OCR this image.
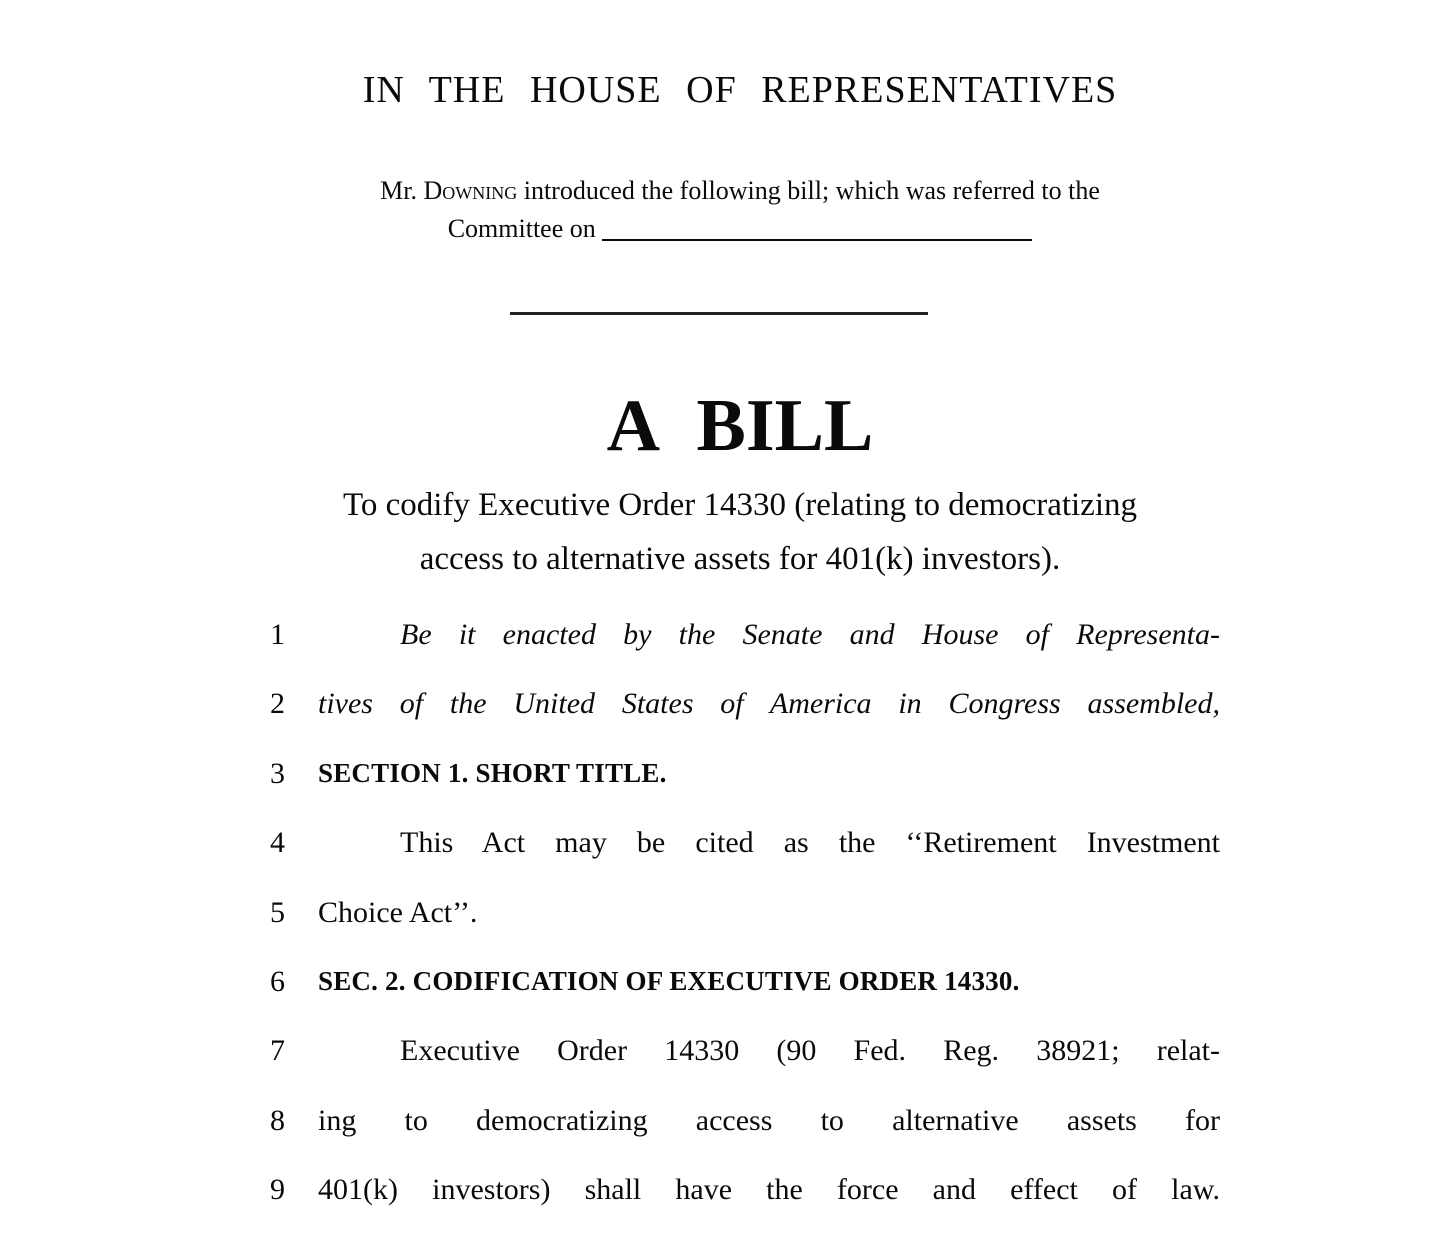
IN THE HOUSE OF REPRESENTATIVES
Mr. Downing introduced the following bill; which was referred to the
Committee on
A BILL
To codify Executive Order 14330 (relating to democratizing
access to alternative assets for 401(k) investors).
1	Be it enacted by the Senate and House of Representa-
2	tives of the United States of America in Congress assembled,
3	SECTION 1. SHORT TITLE.
4	This Act may be cited as the ‘‘Retirement Investment
5	Choice Act’’.
6	SEC. 2. CODIFICATION OF EXECUTIVE ORDER 14330.
7	Executive Order 14330 (90 Fed. Reg. 38921; relat-
8	ing to democratizing access to alternative assets for
9	401(k) investors) shall have the force and effect of law.
